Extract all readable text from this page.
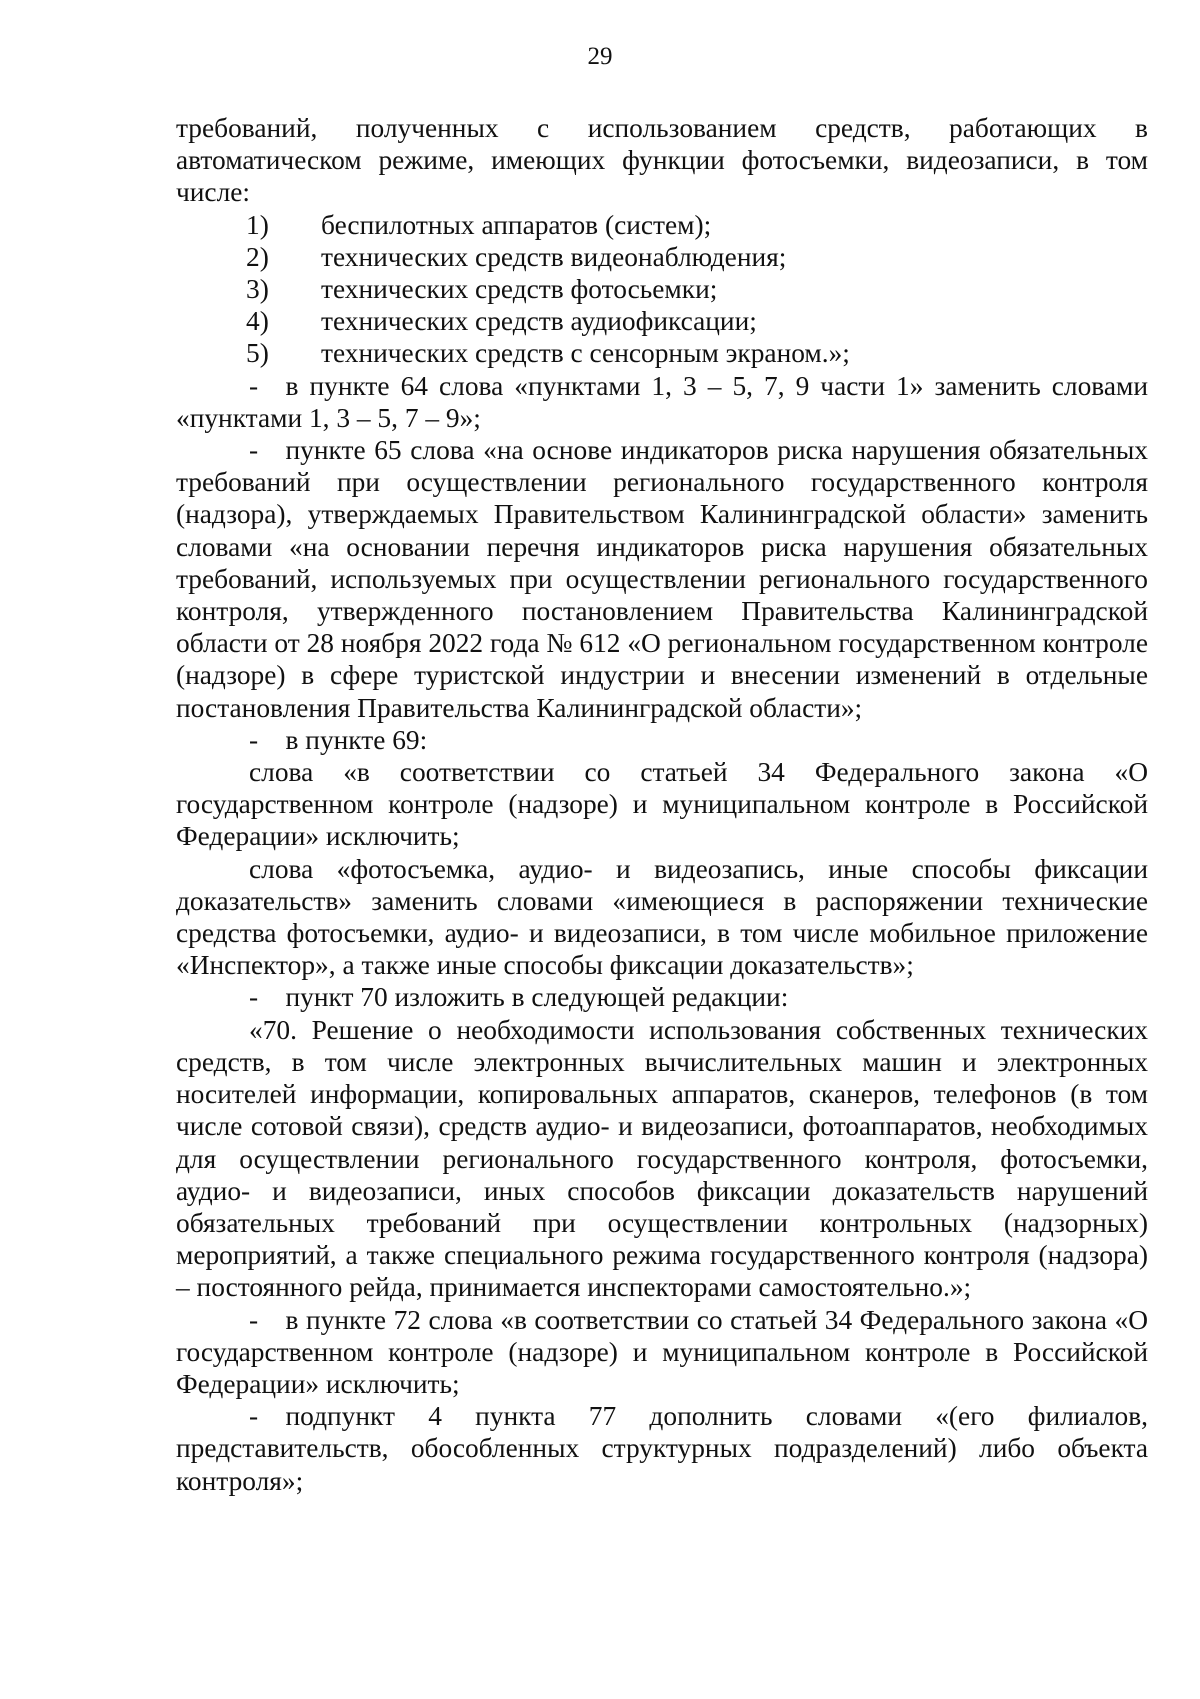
29

требований, полученных с использованием средств, работающих в автоматическом режиме, имеющих функции фотосъемки, видеозаписи, в том числе:

1)	беспилотных аппаратов (систем);
2)	технических средств видеонаблюдения;
3)	технических средств фотосьемки;
4)	технических средств аудиофиксации;
5)	технических средств с сенсорным экраном.»;

- в пункте 64 слова «пунктами 1, 3 – 5, 7, 9 части 1» заменить словами «пунктами 1, 3 – 5, 7 – 9»;

- пункте 65 слова «на основе индикаторов риска нарушения обязательных требований при осуществлении регионального государственного контроля (надзора), утверждаемых Правительством Калининградской области» заменить словами «на основании перечня индикаторов риска нарушения обязательных требований, используемых при осуществлении регионального государственного контроля, утвержденного постановлением Правительства Калининградской области от 28 ноября 2022 года № 612 «О региональном государственном контроле (надзоре) в сфере туристской индустрии и внесении изменений в отдельные постановления Правительства Калининградской области»;

- в пункте 69:

слова «в соответствии со статьей 34 Федерального закона «О государственном контроле (надзоре) и муниципальном контроле в Российской Федерации» исключить;

слова «фотосъемка, аудио- и видеозапись, иные способы фиксации доказательств» заменить словами «имеющиеся в распоряжении технические средства фотосъемки, аудио- и видеозаписи, в том числе мобильное приложение «Инспектор», а также иные способы фиксации доказательств»;

- пункт 70 изложить в следующей редакции:

«70. Решение о необходимости использования собственных технических средств, в том числе электронных вычислительных машин и электронных носителей информации, копировальных аппаратов, сканеров, телефонов (в том числе сотовой связи), средств аудио- и видеозаписи, фотоаппаратов, необходимых для осуществлении регионального государственного контроля, фотосъемки, аудио- и видеозаписи, иных способов фиксации доказательств нарушений обязательных требований при осуществлении контрольных (надзорных) мероприятий, а также специального режима государственного контроля (надзора) – постоянного рейда, принимается инспекторами самостоятельно.»;

- в пункте 72 слова «в соответствии со статьей 34 Федерального закона «О государственном контроле (надзоре) и муниципальном контроле в Российской Федерации» исключить;

- подпункт 4 пункта 77 дополнить словами «(его филиалов, представительств, обособленных структурных подразделений) либо объекта контроля»;
